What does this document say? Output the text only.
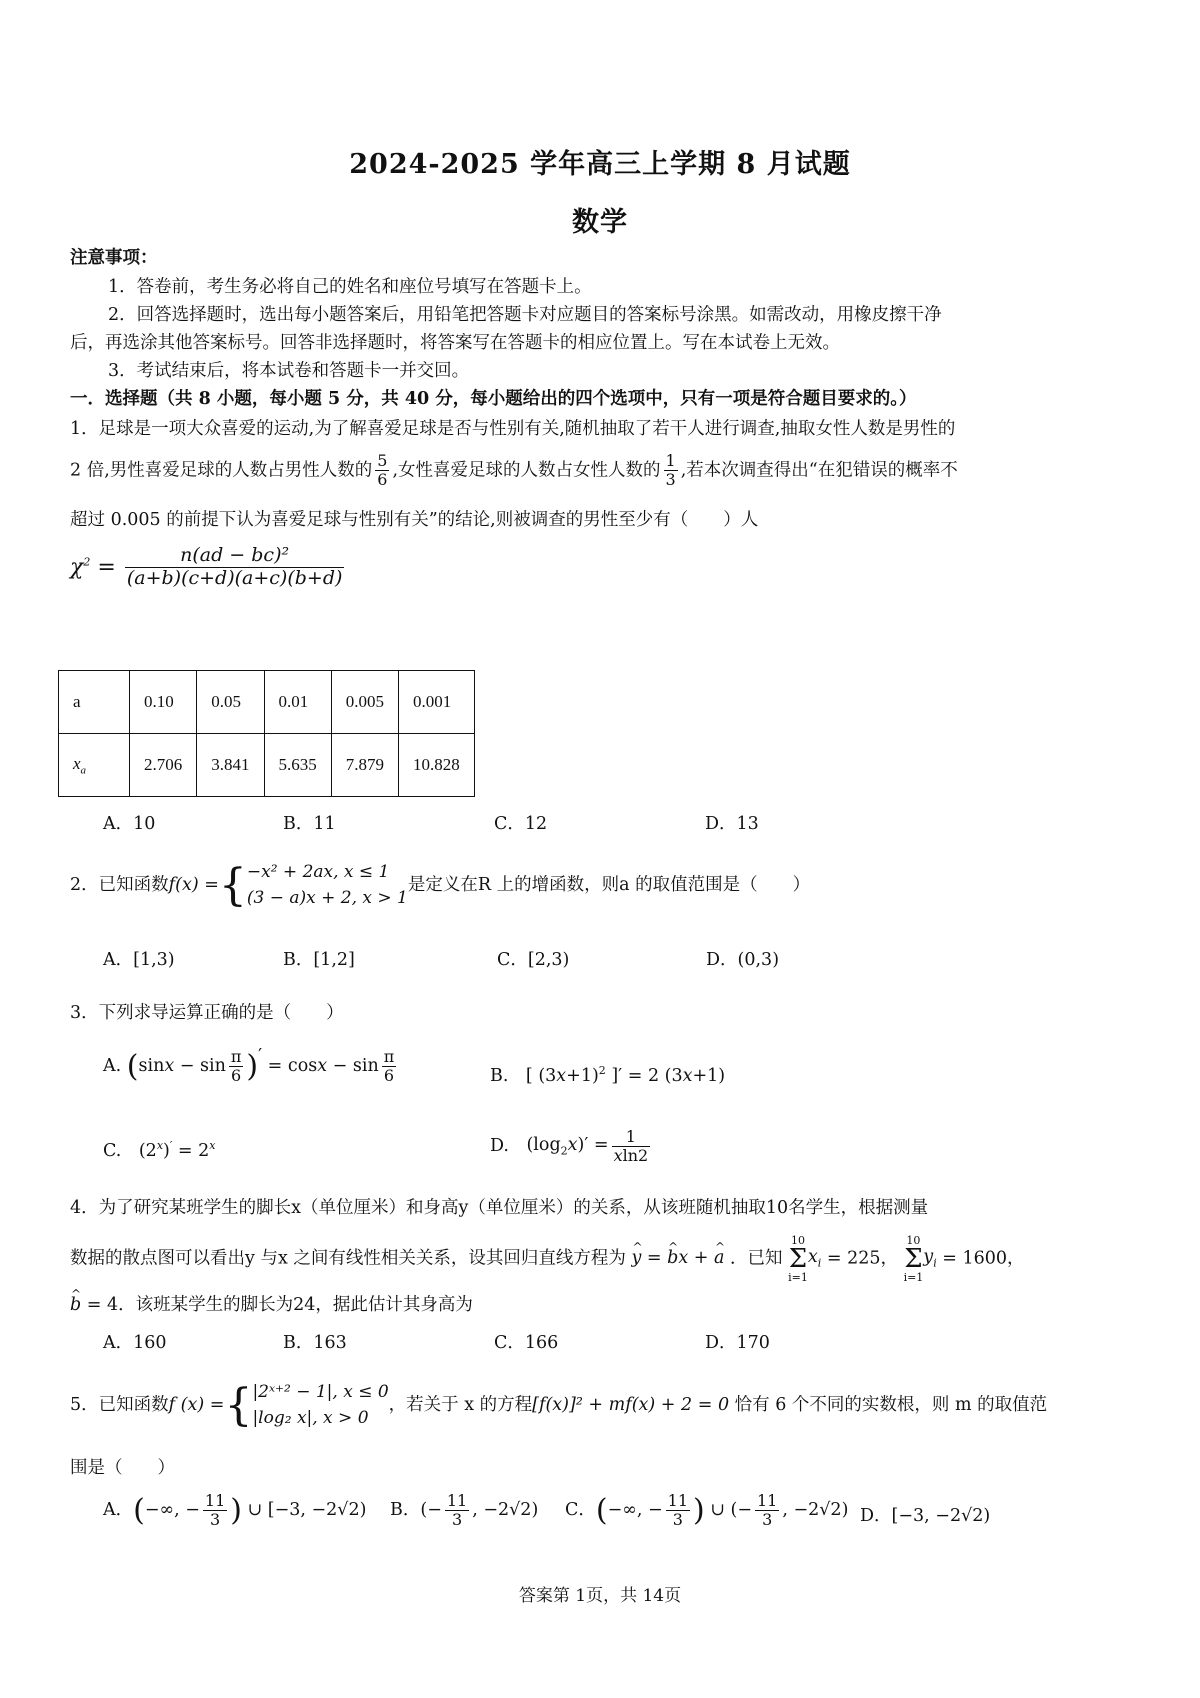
2024-2025 学年高三上学期 8 月试题
数学
注意事项：
1．答卷前，考生务必将自己的姓名和座位号填写在答题卡上。
2．回答选择题时，选出每小题答案后，用铅笔把答题卡对应题目的答案标号涂黑。如需改动，用橡皮擦干净
后，再选涂其他答案标号。回答非选择题时，将答案写在答题卡的相应位置上。写在本试卷上无效。
3．考试结束后，将本试卷和答题卡一并交回。
一．选择题（共 8 小题，每小题 5 分，共 40 分，每小题给出的四个选项中，只有一项是符合题目要求的。）
1．足球是一项大众喜爱的运动,为了解喜爱足球是否与性别有关,随机抽取了若干人进行调查,抽取女性人数是男性的
2 倍,男性喜爱足球的人数占男性人数的 $\frac{5}{6}$ ,女性喜爱足球的人数占女性人数的 $\frac{1}{3}$ ,若本次调查得出“在犯错误的概率不
超过 0.005 的前提下认为喜爱足球与性别有关”的结论,则被调查的男性至少有（　　）人
$\chi^2 = \frac{\text{n(ad − bc)²}}{(a+b)(c+d)(a+c)(b+d)}$
a	0.10	0.05	0.01	0.005	0.001
$x_a$	2.706	3.841	5.635	7.879	10.828
A．10	B．11	C．12	D．13
2．已知函数f(x) ={ −x² + 2ax, x ≤ 1
(3 − a)x + 2, x > 1
是定义在R 上的增函数，则a 的取值范围是（　　）
A．[1,3)	B．[1,2]	C．[2,3)	D．(0,3)
3．下列求导运算正确的是（　　）
A. ($\sin x - \sin \frac{\pi}{6}$ )′ = $\cos x - \sin \frac{\pi}{6}$	B.　[ $(3x+1)^2$ ]′ = 2 (3x+1)
C.　$(2^x)' = 2^x$	D.　 $(\log_2x)' = \frac{1}{xln2}$
4．为了研究某班学生的脚长x（单位厘米）和身高y（单位厘米）的关系，从该班随机抽取10名学生，根据测量
数据的散点图可以看出y 与x 之间有线性相关关系，设其回归直线方程为 ^ y = ^ bx + ^ a ．已知 10
Σ
$i=1x_i = 225$， 10
Σ
$i=1y_i = 1600$，
^ b = 4．该班某学生的脚长为24，据此估计其身高为
A．160	B．163	C．166	D．170
5．已知函数f (x) ={ |2ˣ⁺² − 1|, x ≤ 0
|log₂ x|, x > 0
，若关于 x 的方程[f(x)]² + mf(x) + 2 = 0 恰有 6 个不同的实数根，则 m 的取值范
围是（　　）
A．(−∞, − $\frac{11}{3}$ ) ∪ [−3, −2√2) B．(− $\frac{11}{3}$ , −2√2) C．(−∞, − $\frac{11}{3}$ ) ∪ (− $\frac{11}{3}$ , −2√2) D．[−3, −2√2)
答案第 1页，共 14页
